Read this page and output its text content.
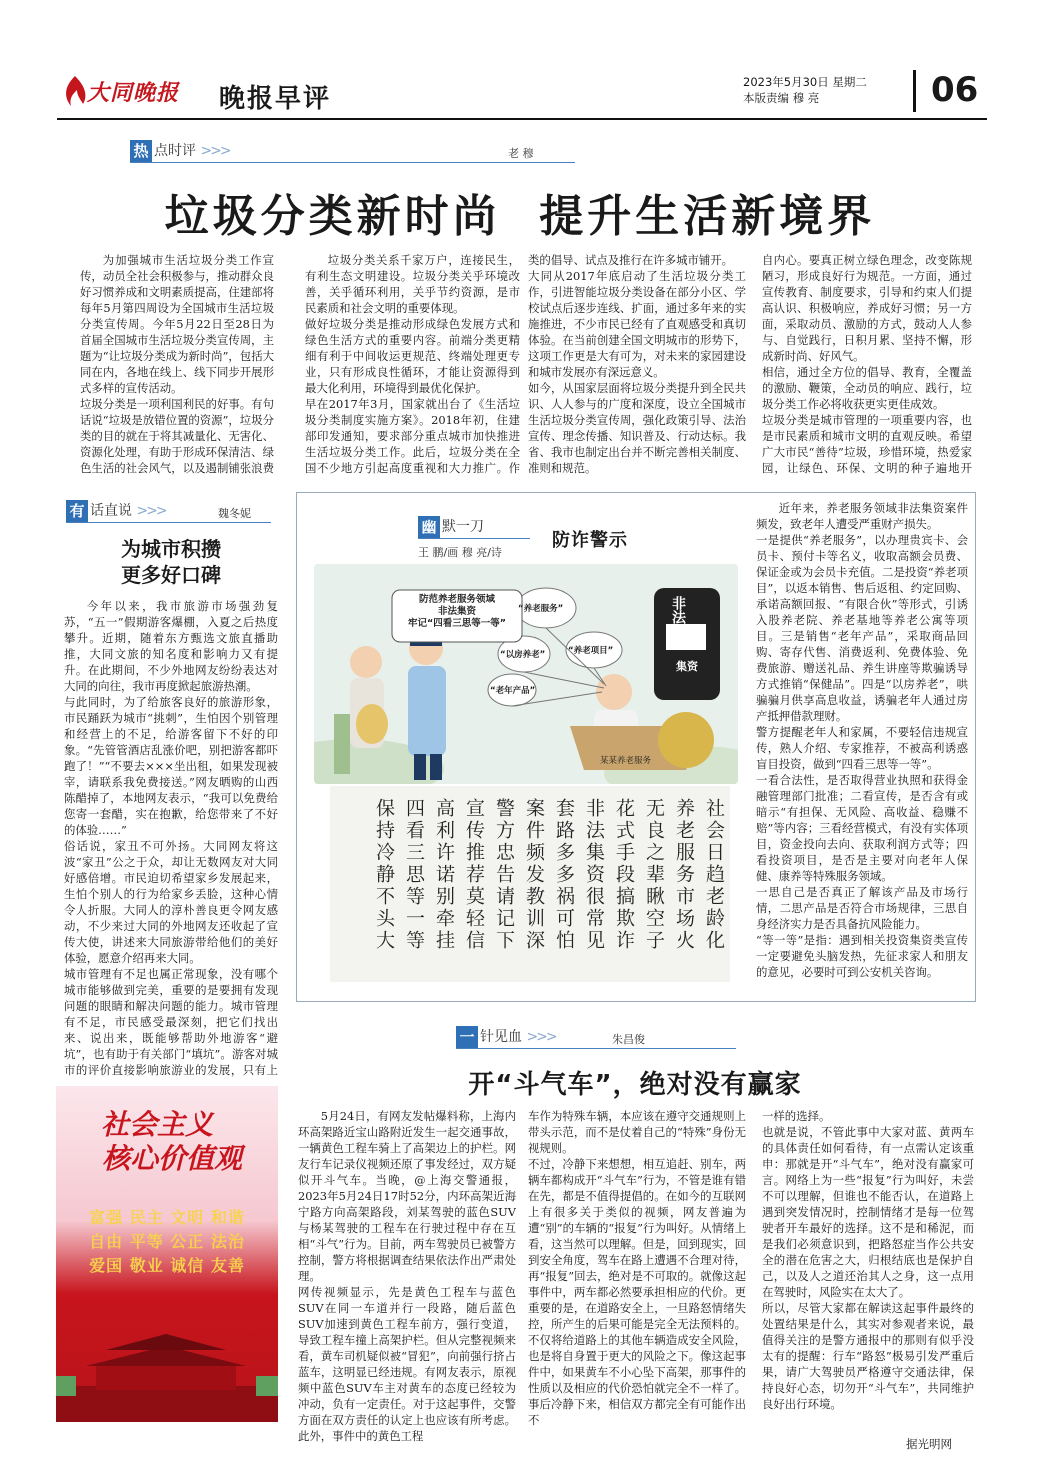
大同晚报 晚报早评
2023年5月30日 星期二
本版责编 穆 亮	06
热 点时评 >>>	老 穆
垃圾分类新时尚  提升生活新境界

为加强城市生活垃圾分类工作宣传，动员全社会积极参与，推动群众良好习惯养成和文明素质提高，住建部将每年5月第四周设为全国城市生活垃圾分类宣传周。今年5月22日至28日为首届全国城市生活垃圾分类宣传周，主题为“让垃圾分类成为新时尚”，包括大同在内，各地在线上、线下同步开展形式多样的宣传活动。
垃圾分类是一项利国利民的好事。有句话说“垃圾是放错位置的资源”，垃圾分类的目的就在于将其减量化、无害化、资源化处理，有助于形成环保清洁、绿色生活的社会风气，以及遏制铺张浪费

垃圾分类关系千家万户，连接民生，有利生态文明建设。垃圾分类关乎环境改善，关乎循环利用，关乎节约资源，是市民素质和社会文明的重要体现。
做好垃圾分类是推动形成绿色发展方式和绿色生活方式的重要内容。前端分类更精细有利于中间收运更规范、终端处理更专业，只有形成良性循环，才能让资源得到最大化利用，环境得到最优化保护。
早在2017年3月，国家就出台了《生活垃圾分类制度实施方案》。2018年初，住建部印发通知，要求部分重点城市加快推进生活垃圾分类工作。此后，垃圾分类在全国不少地方引起高度重视和大力推广。作

类的倡导、试点及推行在许多城市铺开。
大同从2017年底启动了生活垃圾分类工作，引进智能垃圾分类设备在部分小区、学校试点后逐步连线、扩面，通过多年来的实施推进，不少市民已经有了直观感受和真切体验。在当前创建全国文明城市的形势下，这项工作更是大有可为，对未来的家园建设和城市发展亦有深远意义。
如今，从国家层面将垃圾分类提升到全民共识、人人参与的广度和深度，设立全国城市生活垃圾分类宣传周，强化政策引导、法治宣传、理念传播、知识普及、行动达标。我省、我市也制定出台并不断完善相关制度、准则和规范。

自内心。要真正树立绿色理念，改变陈规陋习，形成良好行为规范。一方面，通过宣传教育、制度要求，引导和约束人们提高认识、积极响应，养成好习惯；另一方面，采取动员、激励的方式，鼓动人人参与、自觉践行，日积月累、坚持不懈，形成新时尚、好风气。
相信，通过全方位的倡导、教育，全覆盖的激励、鞭策，全动员的响应、践行，垃圾分类工作必将收获更实更佳成效。
垃圾分类是城市管理的一项重要内容，也是市民素质和城市文明的直观反映。希望广大市民“善待”垃圾，珍惜环境，热爱家园，让绿色、环保、文明的种子遍地开

有 话直说 >>>	魏冬妮
为城市积攒
更多好口碑

今年以来，我市旅游市场强劲复苏，“五一”假期游客爆棚，入夏之后热度攀升。近期，随着东方甄选文旅直播助推，大同文旅的知名度和影响力又有提升。在此期间，不少外地网友纷纷表达对大同的向往，我市再度掀起旅游热潮。
与此同时，为了给旅客良好的旅游形象，市民踊跃为城市“挑刺”，生怕因个别管理和经营上的不足，给游客留下不好的印象。“先管管酒店乱涨价吧，别把游客都吓跑了！”“不要去×××坐出租，如果发现被宰，请联系我免费接送。”网友晒购的山西陈醋掉了，本地网友表示，“我可以免费给您寄一套醋，实在抱歉，给您带来了不好的体验……”
俗话说，家丑不可外扬。大同网友将这波“家丑”公之于众，却让无数网友对大同好感倍增。市民迫切希望家乡发展起来，生怕个别人的行为给家乡丢脸，这种心情令人折服。大同人的淳朴善良更令网友感动，不少来过大同的外地网友还收起了宣传大使，讲述来大同旅游带给他们的美好体验，愿意介绍再来大同。
城市管理有不足也属正常现象，没有哪个城市能够做到完美，重要的是要拥有发现问题的眼睛和解决问题的能力。城市管理有不足，市民感受最深刻，把它们找出来、说出来，既能够帮助外地游客“避坑”，也有助于有关部门“填坑”。游客对城市的评价直接影响旅游业的发展，只有上

幽 默一刀
王 鹏/画 穆 亮/诗
防诈警示
防范养老服务领域
非法集资
牢记“四看三思等一等”
“养老服务”
“以房养老”	“养老项目”
“老年产品”
非法
集资
某某养老服务
社会日趋老龄化
养老服务市场火
无良之辈瞅空子
花式手段搞欺诈
非法集资很常见
套路多多祸可怕
案件频发教训深
警方忠告请记下
宣传推荐莫轻信
高利许诺别牵挂
四看三思等一等
保持冷静不头大

近年来，养老服务领域非法集资案件频发，致老年人遭受严重财产损失。
一是提供“养老服务”，以办理贵宾卡、会员卡、预付卡等名义，收取高额会员费、保证金或为会员卡充值。二是投资“养老项目”，以返本销售、售后返租、约定回购、承诺高额回报、“有限合伙”等形式，引诱入股养老院、养老基地等养老公寓等项目。三是销售“老年产品”，采取商品回购、寄存代售、消费返利、免费体验、免费旅游、赠送礼品、养生讲座等欺骗诱导方式推销“保健品”。四是“以房养老”，哄骗骗月供享高息收益，诱骗老年人通过房产抵押借款理财。
警方提醒老年人和家属，不要轻信违规宣传，熟人介绍、专家推荐，不被高利诱惑盲目投资，做到“四看三思等一等”。
一看合法性，是否取得营业执照和获得金融管理部门批准；二看宣传，是否含有或暗示“有担保、无风险、高收益、稳赚不赔”等内容；三看经营模式，有没有实体项目，资金投向去向、获取利润方式等；四看投资项目，是否是主要对向老年人保健、康养等特殊服务领域。
一思自己是否真正了解该产品及市场行情，二思产品是否符合市场规律，三思自身经济实力是否具备抗风险能力。
“等一等”是指：遇到相关投资集资类宣传一定要避免头脑发热，先征求家人和朋友的意见，必要时可到公安机关咨询。

社会主义
核心价值观
富强 民主 文明 和谐
自由 平等 公正 法治
爱国 敬业 诚信 友善
一 针见血 >>>	朱昌俊
开“斗气车”，绝对没有赢家

5月24日，有网友发帖爆料称，上海内环高架路近宝山路附近发生一起交通事故，一辆黄色工程车骑上了高架边上的护栏。网友行车记录仪视频还原了事发经过，双方疑似开斗气车。当晚，@上海交警通报，2023年5月24日17时52分，内环高架近海宁路方向高架路段，刘某驾驶的蓝色SUV与杨某驾驶的工程车在行驶过程中存在互相“斗气”行为。目前，两车驾驶员已被警方控制，警方将根据调查结果依法作出严肃处理。
网传视频显示，先是黄色工程车与蓝色SUV在同一车道并行一段路，随后蓝色SUV加速到黄色工程车前方，强行变道，导致工程车撞上高架护栏。但从完整视频来看，黄车司机疑似被“冒犯”，向前强行挤占蓝车，这明显已经违规。有网友表示，原视频中蓝色SUV车主对黄车的态度已经较为冲动，负有一定责任。对于这起事件，交警方面在双方责任的认定上也应该有所考虑。此外，事件中的黄色工程

车作为特殊车辆，本应该在遵守交通规则上带头示范，而不是仗着自己的“特殊”身份无视规则。
不过，冷静下来想想，相互追赶、别车，两辆车都构成开“斗气车”行为，不管是谁有错在先，都是不值得提倡的。在如今的互联网上有很多关于类似的视频，网友普遍为遭“别”的车辆的“报复”行为叫好。从情绪上看，这当然可以理解。但是，回到现实，回到安全角度，驾车在路上遭遇不合理对待，再“报复”回去，绝对是不可取的。就像这起事件中，两车都必然要承担相应的代价。更重要的是，在道路安全上，一旦路怒情绪失控，所产生的后果可能是完全无法预料的。不仅将给道路上的其他车辆造成安全风险，也是将自身置于更大的风险之下。像这起事件中，如果黄车不小心坠下高架，那事件的性质以及相应的代价恐怕就完全不一样了。事后冷静下来，相信双方都完全有可能作出不

一样的选择。
也就是说，不管此事中大家对蓝、黄两车的具体责任如何看待，有一点需认定该重申：那就是开“斗气车”，绝对没有赢家可言。网络上为一些“报复”行为叫好，未尝不可以理解，但谁也不能否认，在道路上遇到突发情况时，控制情绪才是每一位驾驶者开车最好的选择。这不是和稀泥，而是我们必须意识到，把路怒症当作公共安全的潜在危害之大，归根结底也是保护自己，以及人之道还治其人之身，这一点用在驾驶时，风险实在太大了。
所以，尽管大家都在解读这起事件最终的处置结果是什么，其实对参观者来说，最值得关注的是警方通报中的那则有似乎没太有的提醒：行车“路怒”极易引发严重后果，请广大驾驶员严格遵守交通法律，保持良好心态，切勿开“斗气车”，共同维护良好出行环境。

据光明网
